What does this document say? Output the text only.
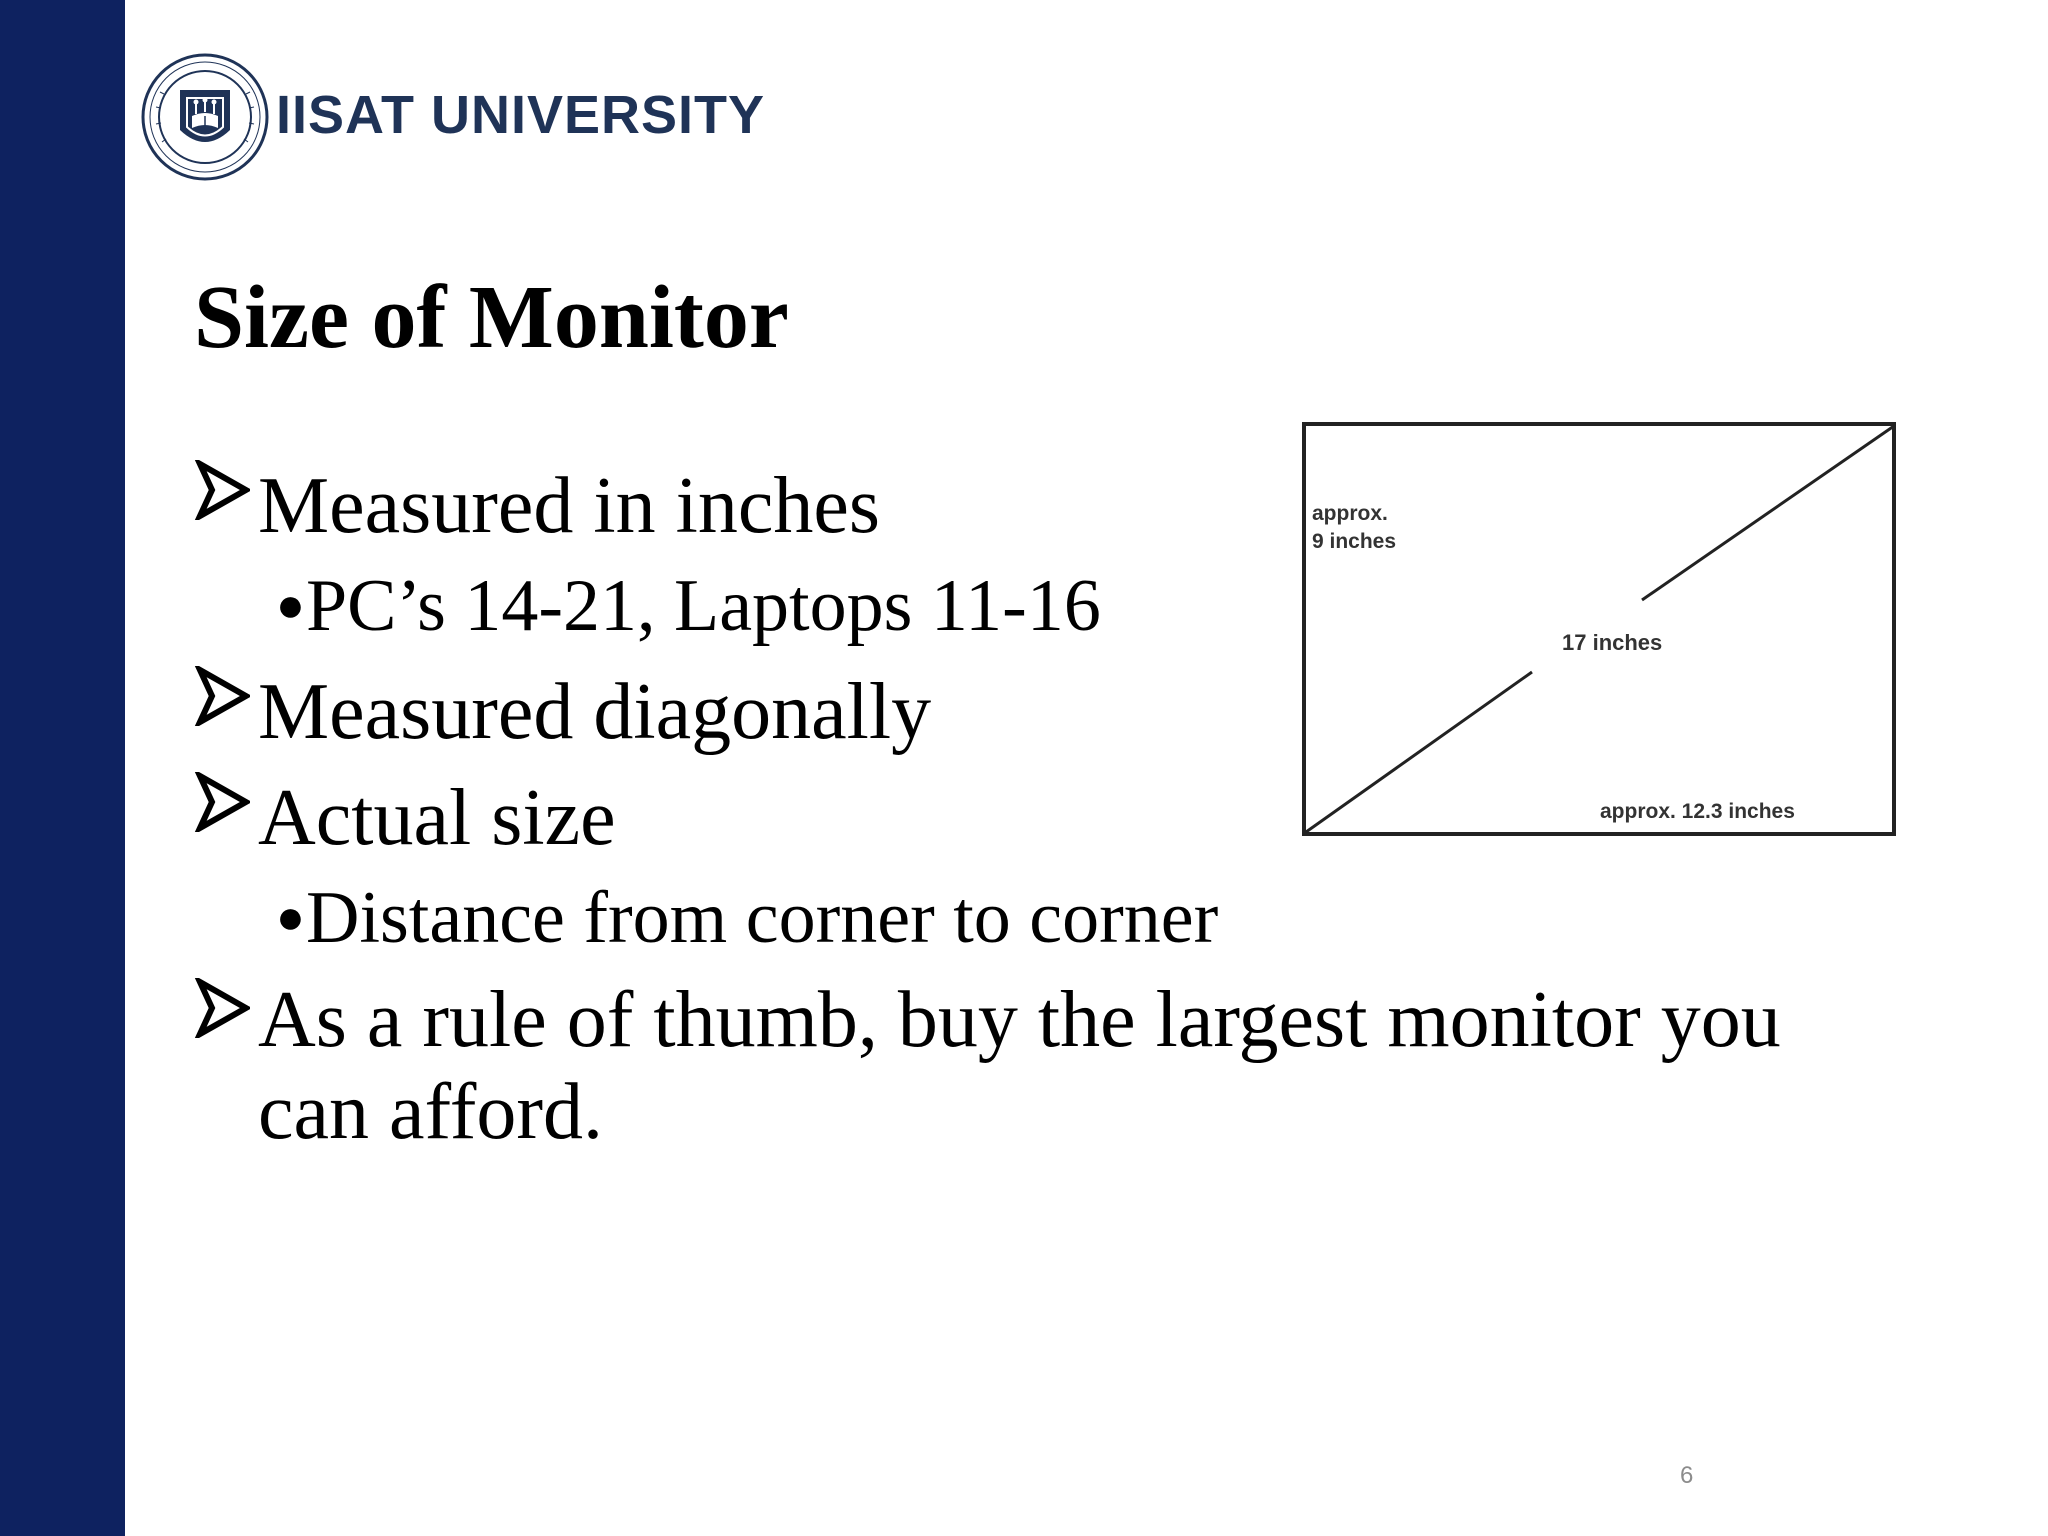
IISAT UNIVERSITY
Size of Monitor
Measured in inches
● PC’s 14-21, Laptops 11-16
Measured diagonally
Actual size
● Distance from corner to corner
As a rule of thumb, buy the largest monitor you can afford.
approx.
9 inches
17 inches
approx. 12.3 inches
6
